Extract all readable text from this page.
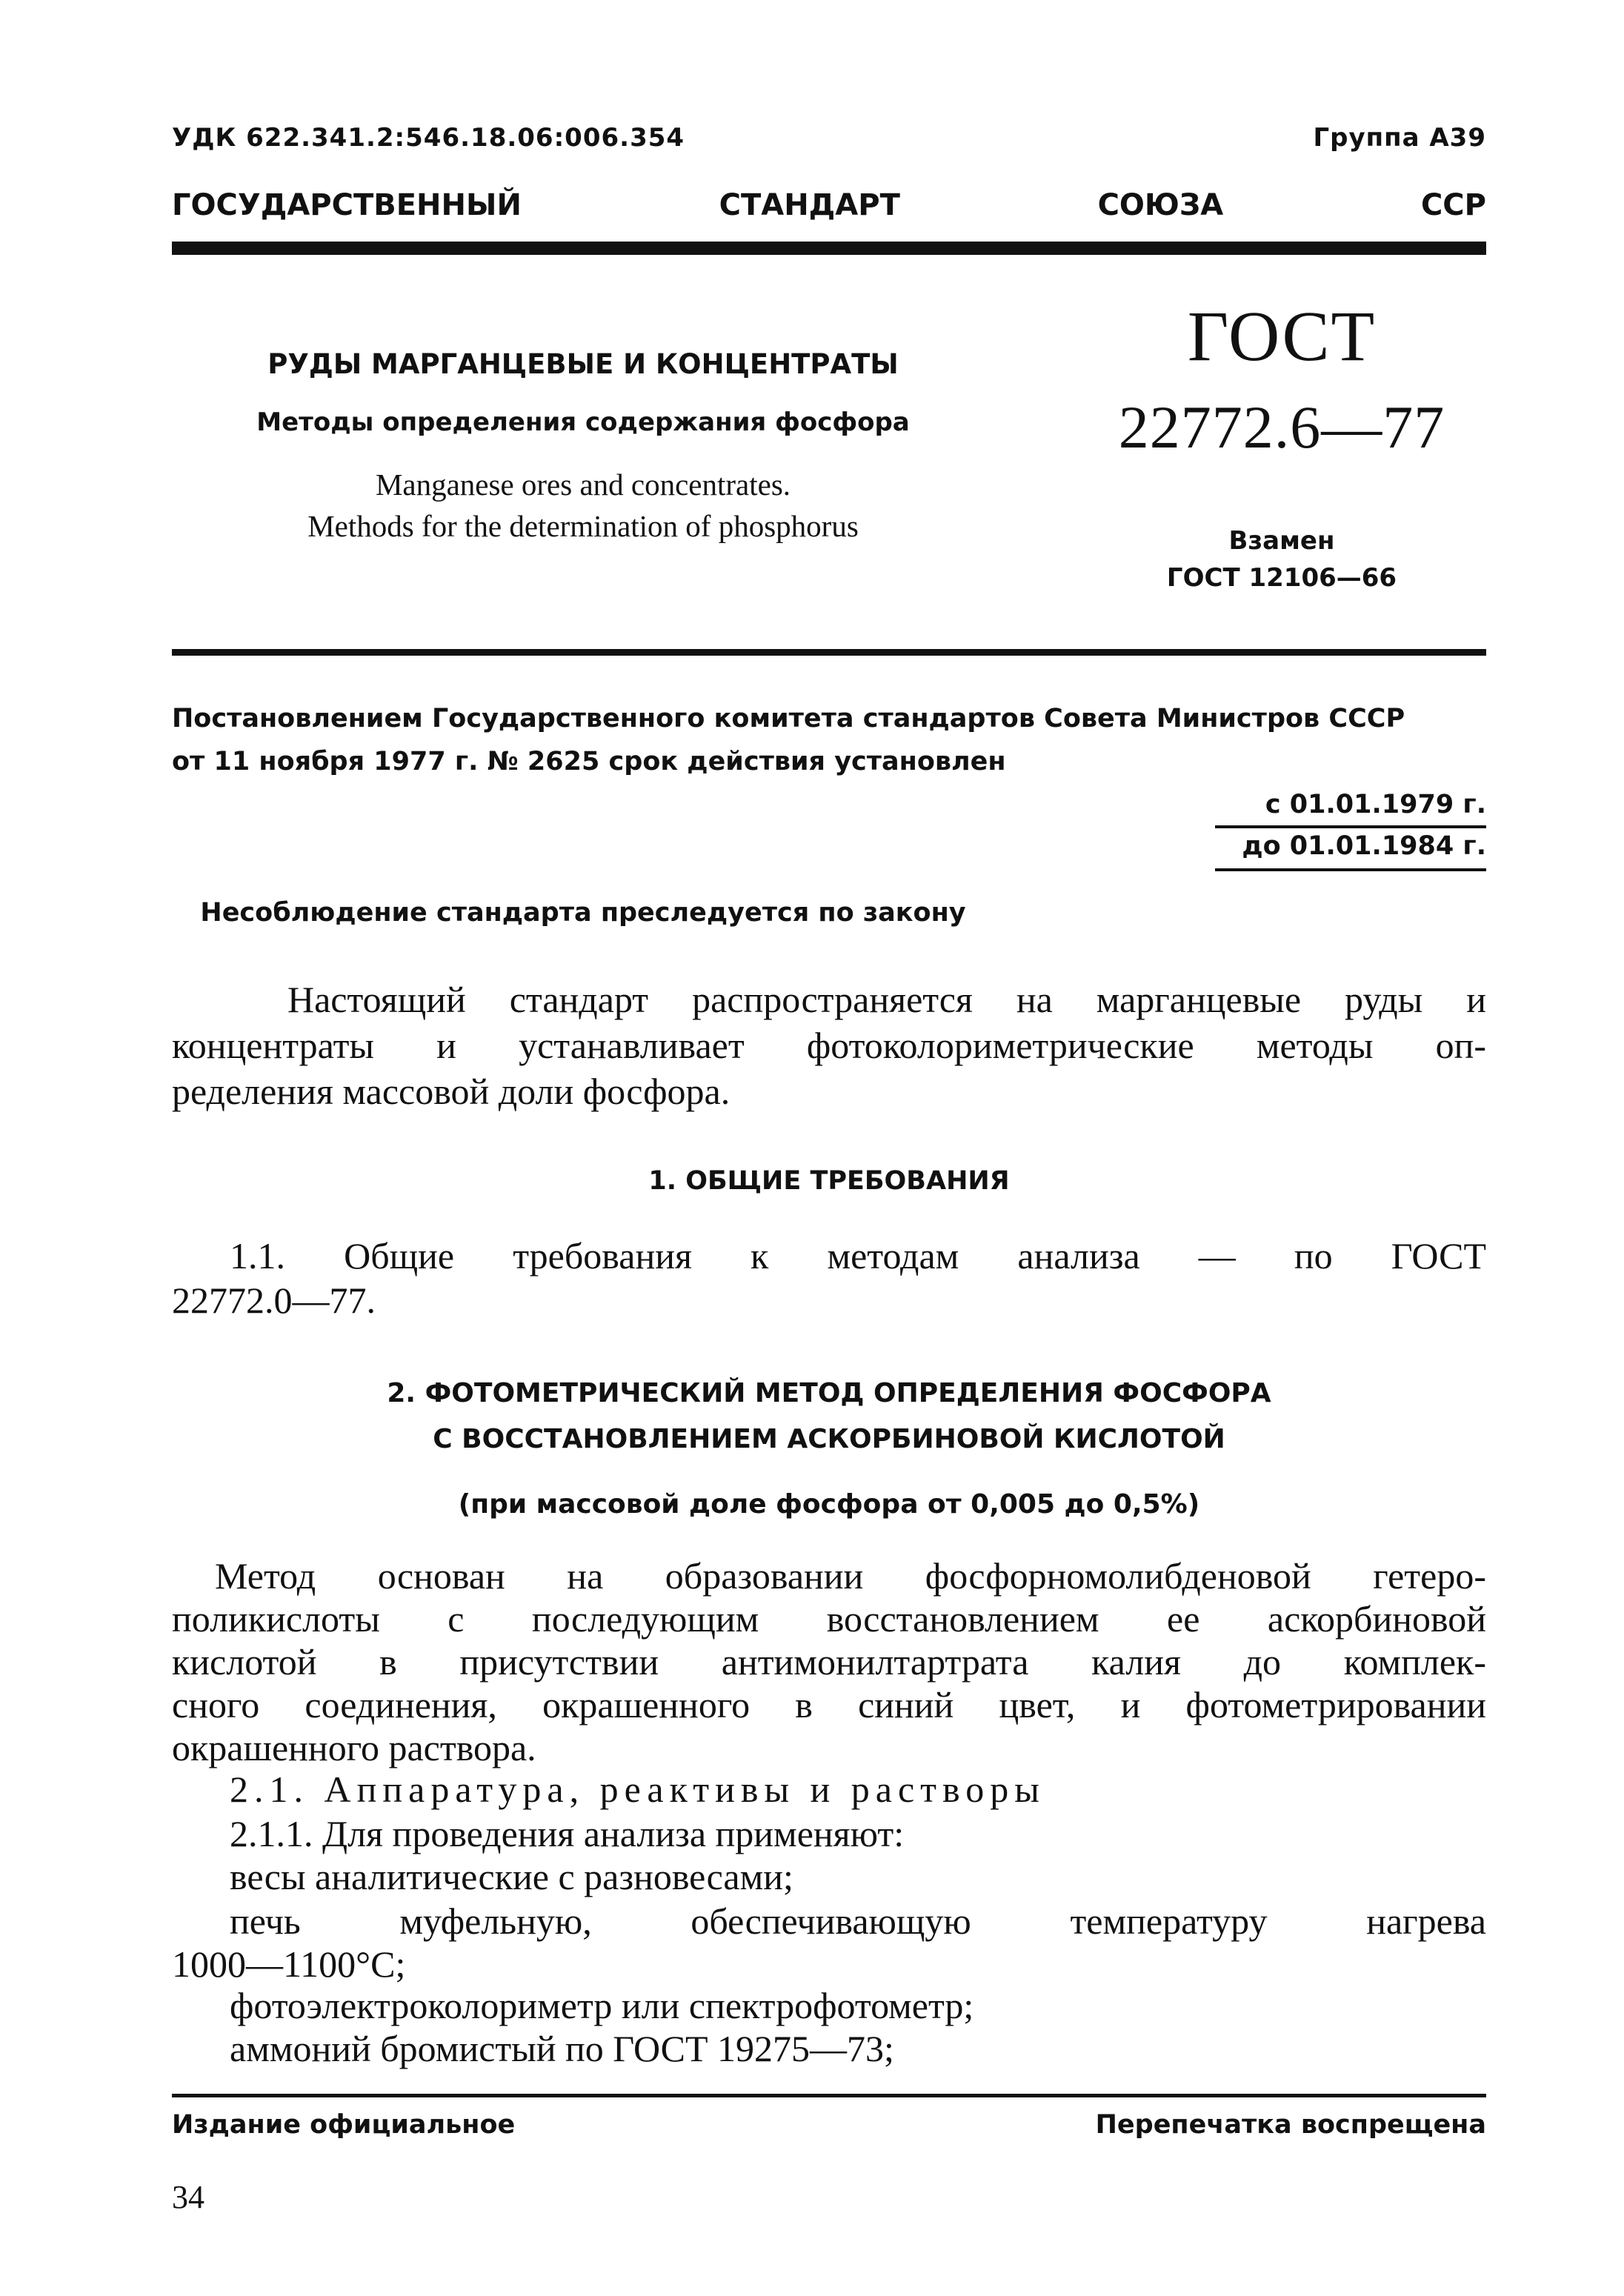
УДК 622.341.2:546.18.06:006.354	Группа А39
ГОСУДАРСТВЕННЫЙ	СТАНДАРТ	СОЮЗА	ССР
РУДЫ МАРГАНЦЕВЫЕ И КОНЦЕНТРАТЫ
Методы определения содержания фосфора
Manganese ores and concentrates.
Methods for the determination of phosphorus
ГОСТ
22772.6—77
Взамен
ГОСТ 12106—66
Постановлением Государственного комитета стандартов Совета Министров СССР
от 11 ноября 1977 г. № 2625 срок действия установлен
с 01.01.1979 г.
до 01.01.1984 г.
Несоблюдение стандарта преследуется по закону

Настоящий стандарт распространяется на марганцевые руды и

концентраты и устанавливает фотоколориметрические методы оп-

ределения массовой доли фосфора.

1. ОБЩИЕ ТРЕБОВАНИЯ

1.1. Общие требования к методам анализа — по ГОСТ

22772.0—77.

2. ФОТОМЕТРИЧЕСКИЙ МЕТОД ОПРЕДЕЛЕНИЯ ФОСФОРА
С ВОССТАНОВЛЕНИЕМ АСКОРБИНОВОЙ КИСЛОТОЙ
(при массовой доле фосфора от 0,005 до 0,5%)

Метод основан на образовании фосфорномолибденовой гетеро-

поликислоты с последующим восстановлением ее аскорбиновой

кислотой в присутствии антимонилтартрата калия до комплек-

сного соединения, окрашенного в синий цвет, и фотометрировании

окрашенного раствора.

2.1. Аппаратура, реактивы и растворы
2.1.1. Для проведения анализа применяют:
весы аналитические с разновесами;

печь муфельную, обеспечивающую температуру нагрева

1000—1100°С;

фотоэлектроколориметр или спектрофотометр;
аммоний бромистый по ГОСТ 19275—73;
Издание официальное	Перепечатка воспрещена
34
